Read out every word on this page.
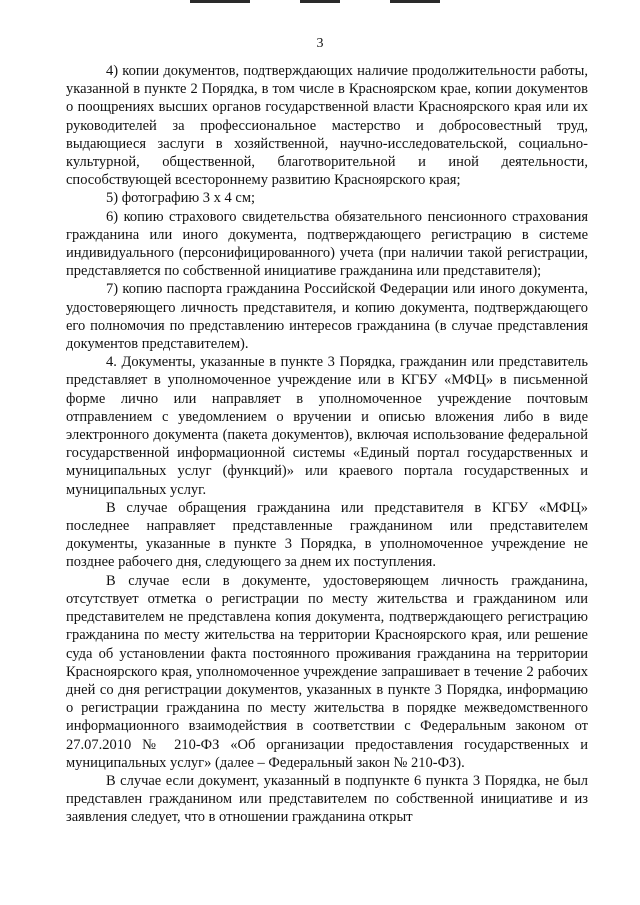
3

4) копии документов, подтверждающих наличие продолжительности работы, указанной в пункте 2 Порядка, в том числе в Красноярском крае, копии документов о поощрениях высших органов государственной власти Красноярского края или их руководителей за профессиональное мастерство и добросовестный труд, выдающиеся заслуги в хозяйственной, научно-исследовательской, социально-культурной, общественной, благотворительной и иной деятельности, способствующей всестороннему развитию Красноярского края;

5) фотографию 3 х 4 см;

6) копию страхового свидетельства обязательного пенсионного страхования гражданина или иного документа, подтверждающего регистрацию в системе индивидуального (персонифицированного) учета (при наличии такой регистрации, представляется по собственной инициативе гражданина или представителя);

7) копию паспорта гражданина Российской Федерации или иного документа, удостоверяющего личность представителя, и копию документа, подтверждающего его полномочия по представлению интересов гражданина (в случае представления документов представителем).

4. Документы, указанные в пункте 3 Порядка, гражданин или представитель представляет в уполномоченное учреждение или в КГБУ «МФЦ» в письменной форме лично или направляет в уполномоченное учреждение почтовым отправлением с уведомлением о вручении и описью вложения либо в виде электронного документа (пакета документов), включая использование федеральной государственной информационной системы «Единый портал государственных и муниципальных услуг (функций)» или краевого портала государственных и муниципальных услуг.

В случае обращения гражданина или представителя в КГБУ «МФЦ» последнее направляет представленные гражданином или представителем документы, указанные в пункте 3 Порядка, в уполномоченное учреждение не позднее рабочего дня, следующего за днем их поступления.

В случае если в документе, удостоверяющем личность гражданина, отсутствует отметка о регистрации по месту жительства и гражданином или представителем не представлена копия документа, подтверждающего регистрацию гражданина по месту жительства на территории Красноярского края, или решение суда об установлении факта постоянного проживания гражданина на территории Красноярского края, уполномоченное учреждение запрашивает в течение 2 рабочих дней со дня регистрации документов, указанных в пункте 3 Порядка, информацию о регистрации гражданина по месту жительства в порядке межведомственного информационного взаимодействия в соответствии с Федеральным законом от 27.07.2010 № 210-ФЗ «Об организации предоставления государственных и муниципальных услуг» (далее – Федеральный закон № 210-ФЗ).

В случае если документ, указанный в подпункте 6 пункта 3 Порядка, не был представлен гражданином или представителем по собственной инициативе и из заявления следует, что в отношении гражданина открыт
